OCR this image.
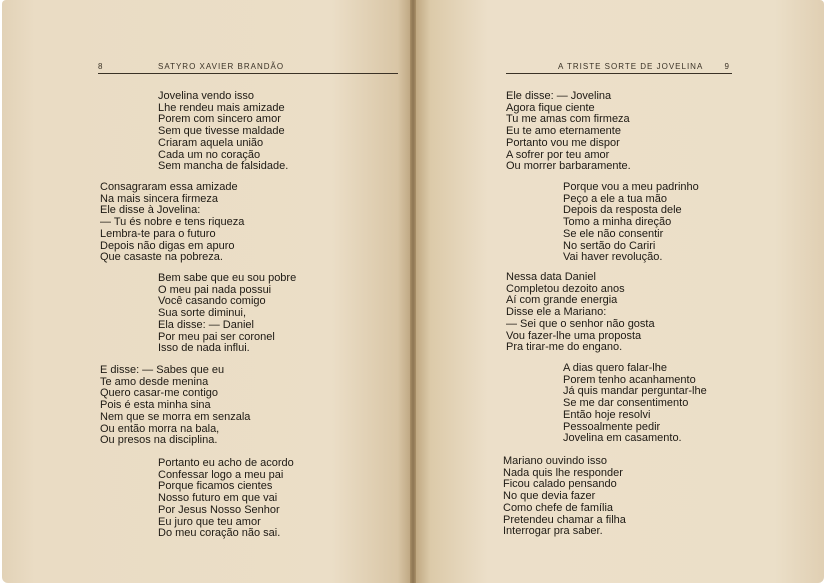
8	SATYRO XAVIER BRANDÃO	A TRISTE SORTE DE JOVELINA	9
Jovelina vendo isso
Lhe rendeu mais amizade
Porem com sincero amor
Sem que tivesse maldade
Criaram aquela união
Cada um no coração
Sem mancha de falsidade.
Consagraram essa amizade
Na mais sincera firmeza
Ele disse à Jovelina:
— Tu és nobre e tens riqueza
Lembra-te para o futuro
Depois não digas em apuro
Que casaste na pobreza.
Bem sabe que eu sou pobre
O meu pai nada possui
Você casando comigo
Sua sorte diminui,
Ela disse: — Daniel
Por meu pai ser coronel
Isso de nada influi.
E disse: — Sabes que eu
Te amo desde menina
Quero casar-me contigo
Pois é esta minha sina
Nem que se morra em senzala
Ou então morra na bala,
Ou presos na disciplina.
Portanto eu acho de acordo
Confessar logo a meu pai
Porque ficamos cientes
Nosso futuro em que vai
Por Jesus Nosso Senhor
Eu juro que teu amor
Do meu coração não sai.
Ele disse: — Jovelina
Agora fique ciente
Tu me amas com firmeza
Eu te amo eternamente
Portanto vou me dispor
A sofrer por teu amor
Ou morrer barbaramente.
Porque vou a meu padrinho
Peço a ele a tua mão
Depois da resposta dele
Tomo a minha direção
Se ele não consentir
No sertão do Cariri
Vai haver revolução.
Nessa data Daniel
Completou dezoito anos
Aí com grande energia
Disse ele a Mariano:
— Sei que o senhor não gosta
Vou fazer-lhe uma proposta
Pra tirar-me do engano.
A dias quero falar-lhe
Porem tenho acanhamento
Já quis mandar perguntar-lhe
Se me dar consentimento
Então hoje resolvi
Pessoalmente pedir
Jovelina em casamento.
Mariano ouvindo isso
Nada quis lhe responder
Ficou calado pensando
No que devia fazer
Como chefe de família
Pretendeu chamar a filha
Interrogar pra saber.
